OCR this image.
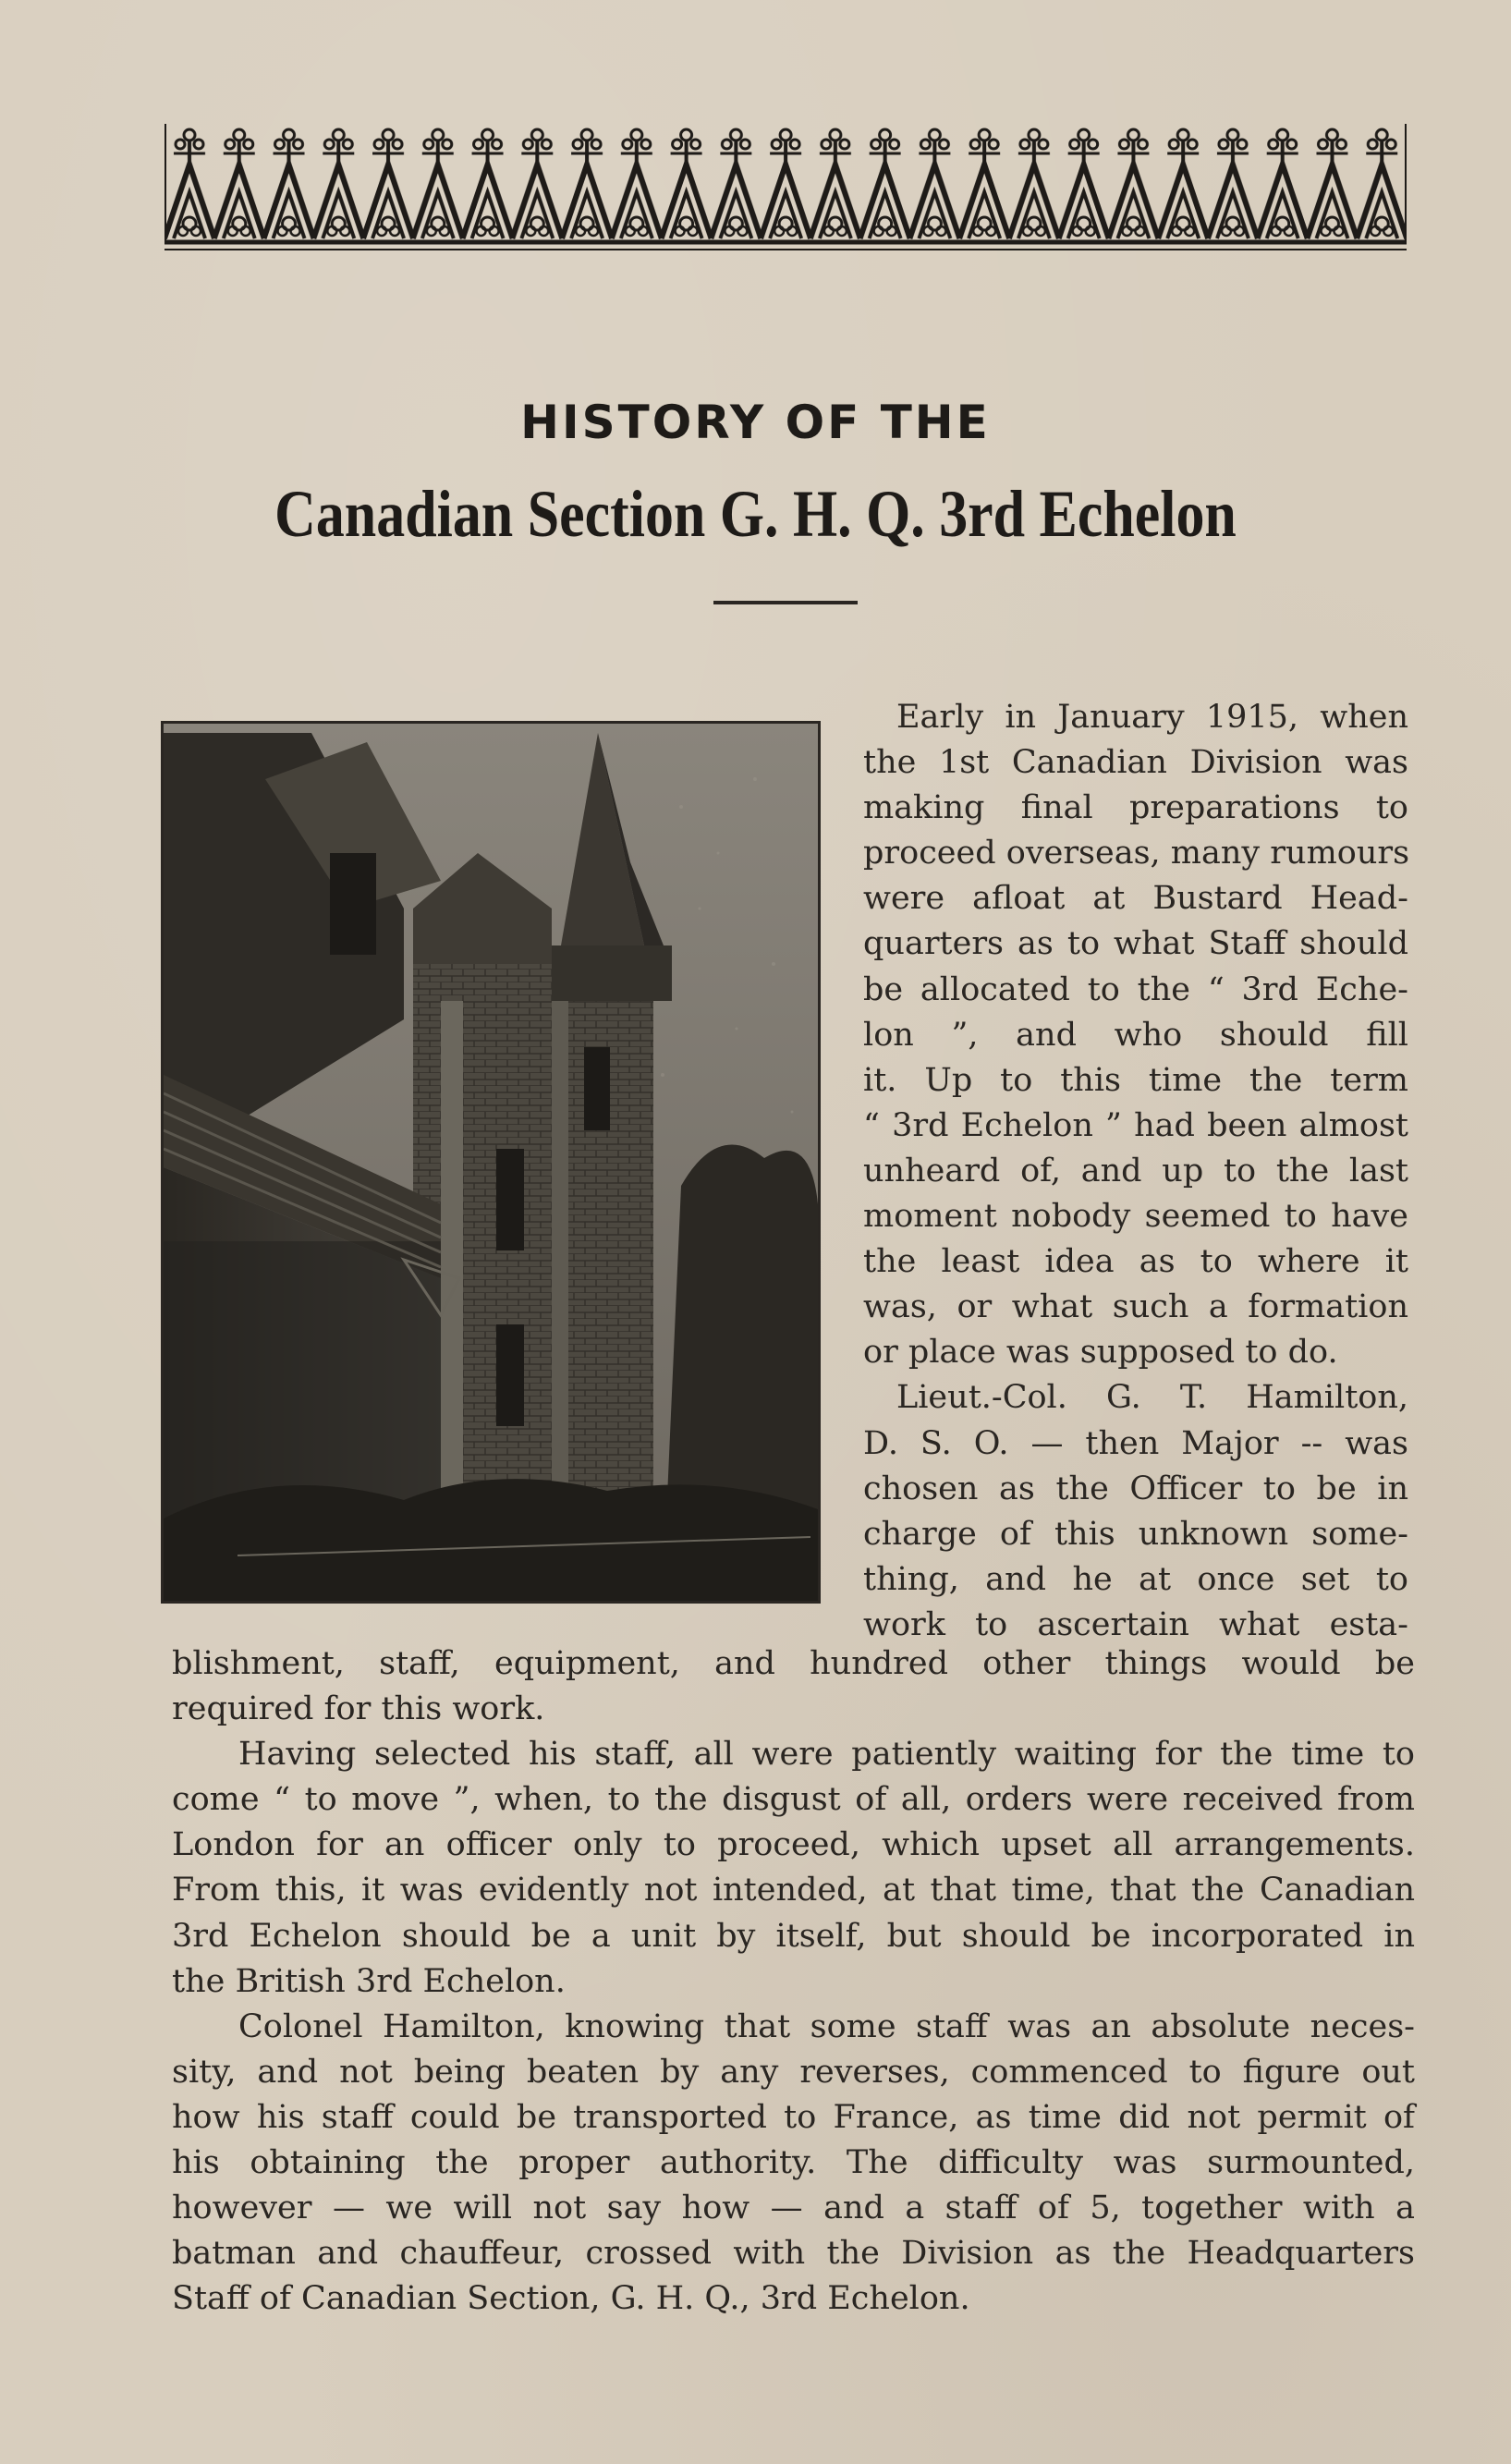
HISTORY OF THE
Canadian Section G. H. Q. 3rd Echelon
Early in January 1915, when
the 1st Canadian Division was
making final preparations to
proceed overseas, many rumours
were afloat at Bustard Head-
quarters as to what Staff should
be allocated to the “ 3rd Eche-
lon ”, and who should fill
it. Up to this time the term
“ 3rd Echelon ” had been almost
unheard of, and up to the last
moment nobody seemed to have
the least idea as to where it
was, or what such a formation
or place was supposed to do.
Lieut.-Col. G. T. Hamilton,
D. S. O. — then Major -- was
chosen as the Officer to be in
charge of this unknown some-
thing, and he at once set to
work to ascertain what esta-
blishment, staff, equipment, and hundred other things would be
required for this work.
Having selected his staff, all were patiently waiting for the time to
come “ to move ”, when, to the disgust of all, orders were received from
London for an officer only to proceed, which upset all arrangements.
From this, it was evidently not intended, at that time, that the Canadian
3rd Echelon should be a unit by itself, but should be incorporated in
the British 3rd Echelon.
Colonel Hamilton, knowing that some staff was an absolute neces-
sity, and not being beaten by any reverses, commenced to figure out
how his staff could be transported to France, as time did not permit of
his obtaining the proper authority. The difficulty was surmounted,
however — we will not say how — and a staff of 5, together with a
batman and chauffeur, crossed with the Division as the Headquarters
Staff of Canadian Section, G. H. Q., 3rd Echelon.
